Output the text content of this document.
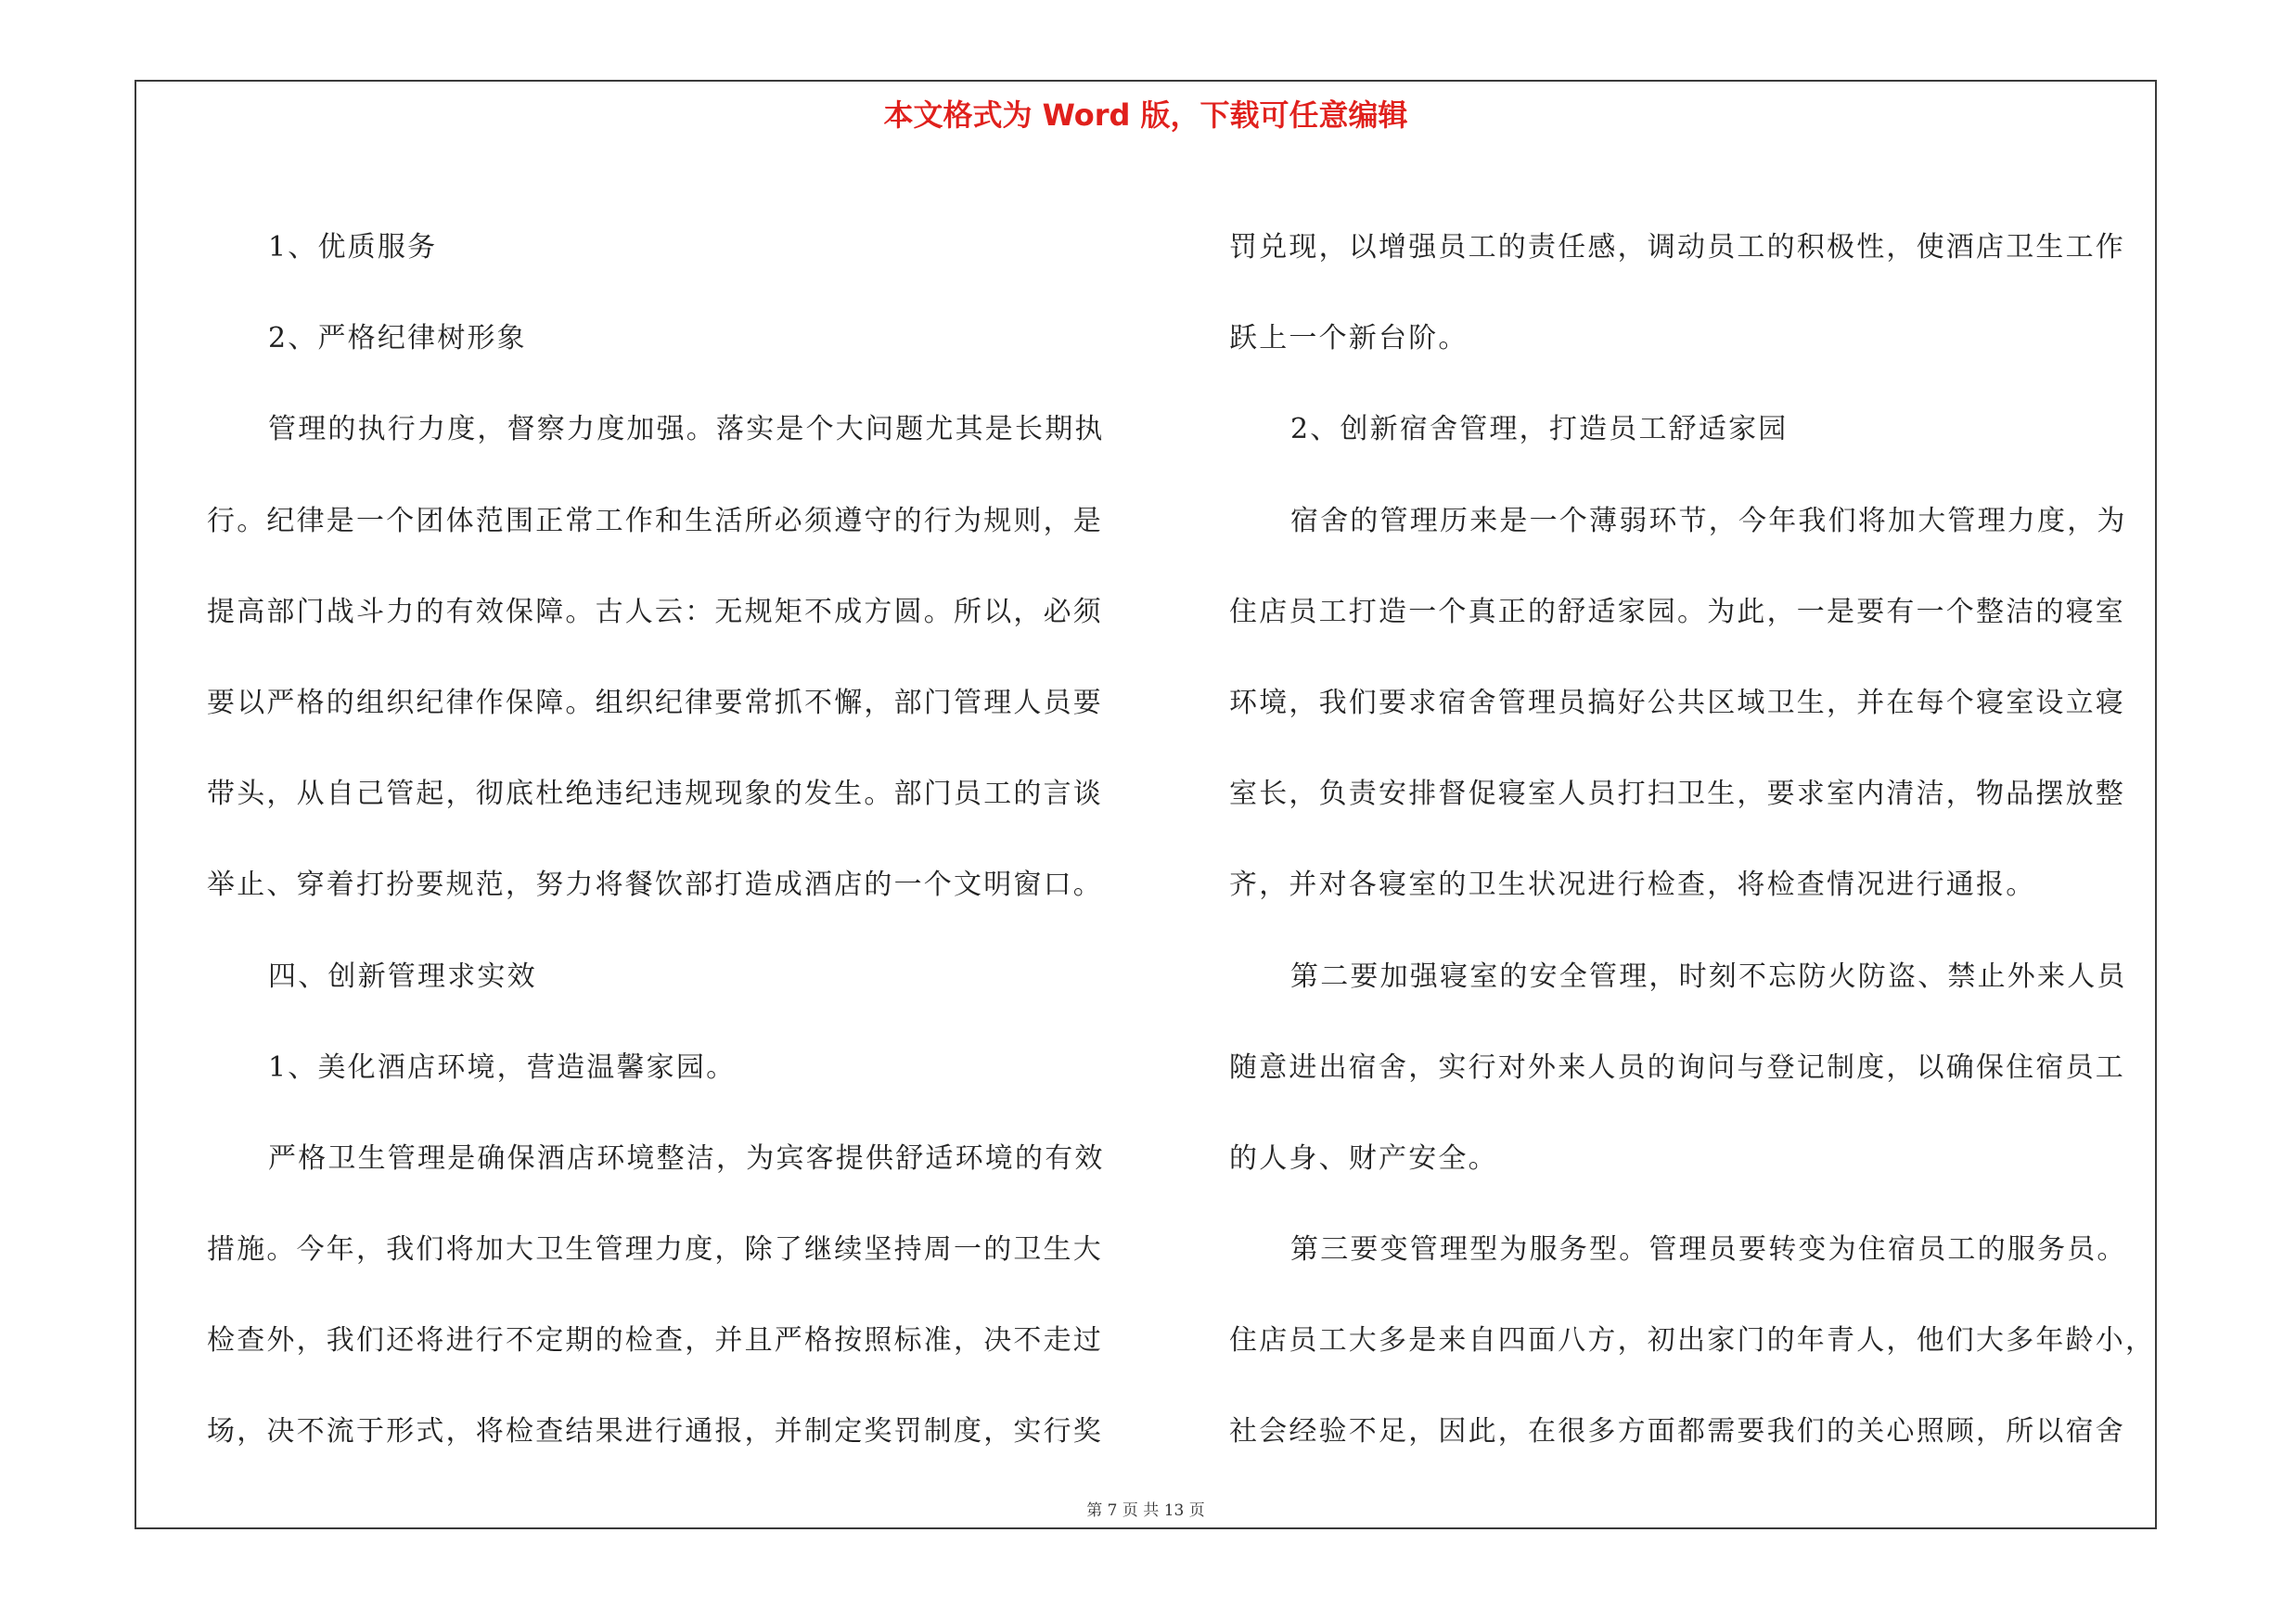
本文格式为 Word 版，下载可任意编辑
1、优质服务
2、严格纪律树形象
管理的执行力度，督察力度加强。落实是个大问题尤其是长期执
行。纪律是一个团体范围正常工作和生活所必须遵守的行为规则，是
提高部门战斗力的有效保障。古人云：无规矩不成方圆。所以，必须
要以严格的组织纪律作保障。组织纪律要常抓不懈，部门管理人员要
带头，从自己管起，彻底杜绝违纪违规现象的发生。部门员工的言谈
举止、穿着打扮要规范，努力将餐饮部打造成酒店的一个文明窗口。
四、创新管理求实效
1、美化酒店环境，营造温馨家园。
严格卫生管理是确保酒店环境整洁，为宾客提供舒适环境的有效
措施。今年，我们将加大卫生管理力度，除了继续坚持周一的卫生大
检查外，我们还将进行不定期的检查，并且严格按照标准，决不走过
场，决不流于形式，将检查结果进行通报，并制定奖罚制度，实行奖
罚兑现，以增强员工的责任感，调动员工的积极性，使酒店卫生工作
跃上一个新台阶。
2、创新宿舍管理，打造员工舒适家园
宿舍的管理历来是一个薄弱环节，今年我们将加大管理力度，为
住店员工打造一个真正的舒适家园。为此，一是要有一个整洁的寝室
环境，我们要求宿舍管理员搞好公共区域卫生，并在每个寝室设立寝
室长，负责安排督促寝室人员打扫卫生，要求室内清洁，物品摆放整
齐，并对各寝室的卫生状况进行检查，将检查情况进行通报。
第二要加强寝室的安全管理，时刻不忘防火防盗、禁止外来人员
随意进出宿舍，实行对外来人员的询问与登记制度，以确保住宿员工
的人身、财产安全。
第三要变管理型为服务型。管理员要转变为住宿员工的服务员。
住店员工大多是来自四面八方，初出家门的年青人，他们大多年龄小，
社会经验不足，因此，在很多方面都需要我们的关心照顾，所以宿舍
第 7 页 共 13 页
